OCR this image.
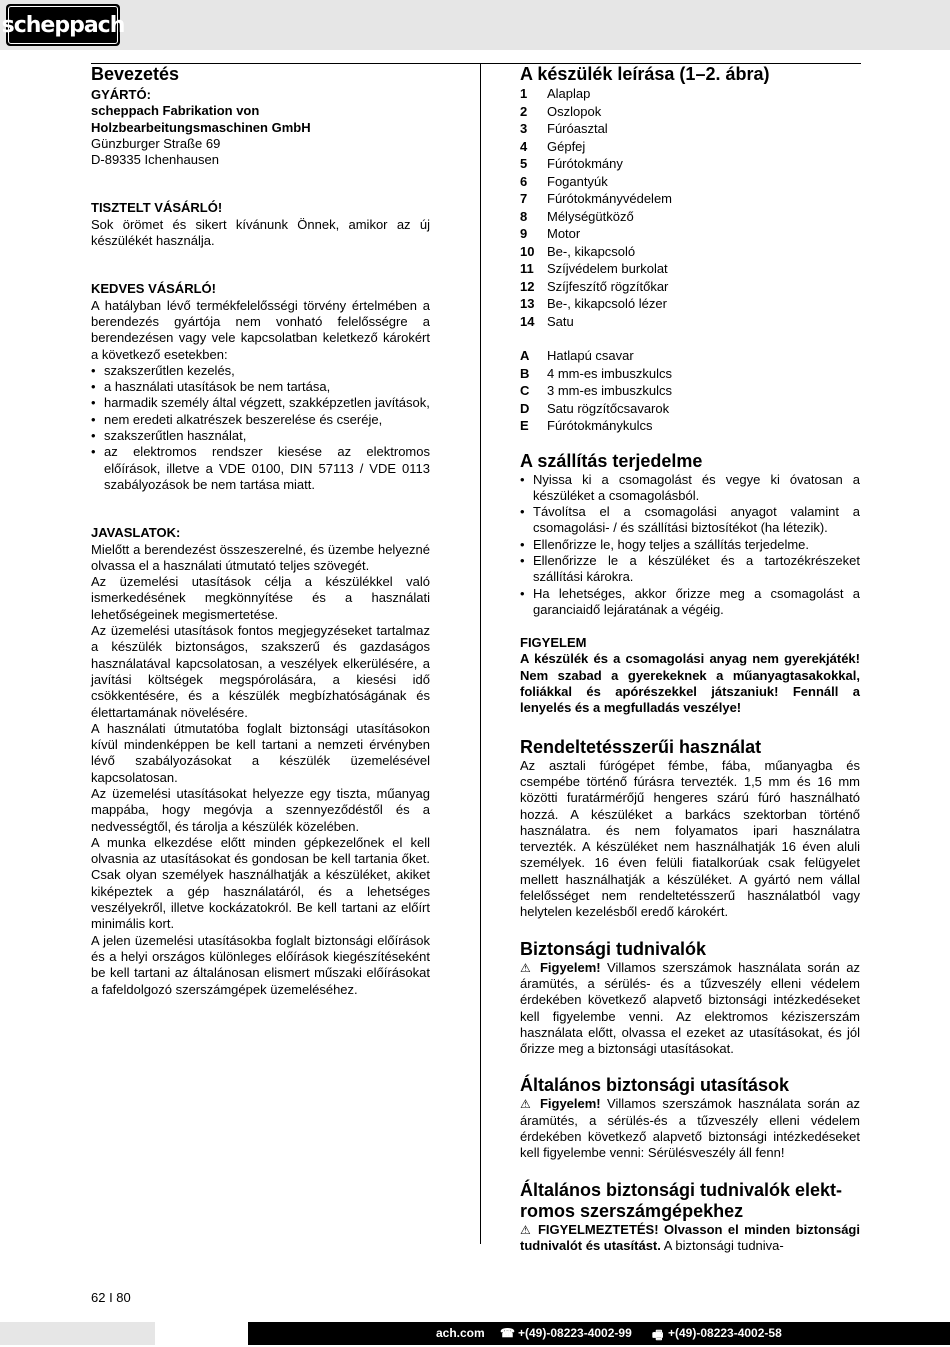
scheppach
Bevezetés
GYÁRTÓ:
scheppach Fabrikation von
Holzbearbeitungsmaschinen GmbH
Günzburger Straße 69
D-89335 Ichenhausen
TISZTELT VÁSÁRLÓ!

Sok örömet és sikert kívánunk Önnek, amikor az új készülékét használja.

KEDVES VÁSÁRLÓ!

A hatályban lévő termékfelelősségi törvény értelmében a berendezés gyártója nem vonható felelősségre a berendezésen vagy vele kapcsolatban keletkező károkért a következő esetekben:

• szakszerűtlen kezelés,
• a használati utasítások be nem tartása,
• harmadik személy által végzett, szakképzetlen javítások,
• nem eredeti alkatrészek beszerelése és cseréje,
• szakszerűtlen használat,
• az elektromos rendszer kiesése az elektromos előírások, illetve a VDE 0100, DIN 57113 / VDE 0113 szabályozások be nem tartása miatt.
JAVASLATOK:

Mielőtt a berendezést összeszerelné, és üzembe helyezné olvassa el a használati útmutató teljes szövegét.

Az üzemelési utasítások célja a készülékkel való ismerkedésének megkönnyítése és a használati lehetőségeinek megismertetése.

Az üzemelési utasítások fontos megjegyzéseket tartalmaz a készülék biztonságos, szakszerű és gazdaságos használatával kapcsolatosan, a veszélyek elkerülésére, a javítási költségek megspórolására, a kiesési idő csökkentésére, és a készülék megbízhatóságának és élettartamának növelésére.

A használati útmutatóba foglalt biztonsági utasításokon kívül mindenképpen be kell tartani a nemzeti érvényben lévő szabályozásokat a készülék üzemelésével kapcsolatosan.

Az üzemelési utasításokat helyezze egy tiszta, műanyag mappába, hogy megóvja a szennyeződéstől és a nedvességtől, és tárolja a készülék közelében.

A munka elkezdése előtt minden gépkezelőnek el kell olvasnia az utasításokat és gondosan be kell tartania őket. Csak olyan személyek használhatják a készüléket, akiket kiképeztek a gép használatáról, és a lehetséges veszélyekről, illetve kockázatokról. Be kell tartani az előírt minimális kort.

A jelen üzemelési utasításokba foglalt biztonsági előírások és a helyi országos különleges előírások kiegészítéseként be kell tartani az általánosan elismert műszaki előírásokat a fafeldolgozó szerszámgépek üzemeléséhez.

A készülék leírása (1–2. ábra)
1	Alaplap
2	Oszlopok
3	Fúróasztal
4	Gépfej
5	Fúrótokmány
6	Fogantyúk
7	Fúrótokmányvédelem
8	Mélységütköző
9	Motor
10 Be-, kikapcsoló
11	Szíjvédelem burkolat
12 Szíjfeszítő rögzítőkar
13 Be-, kikapcsoló lézer
14 Satu
A	Hatlapú csavar
B	4 mm-es imbuszkulcs
C	3 mm-es imbuszkulcs
D	Satu rögzítőcsavarok
E	Fúrótokmánykulcs
A szállítás terjedelme
• Nyissa ki a csomagolást és vegye ki óvatosan a készüléket a csomagolásból.
• Távolítsa el a csomagolási anyagot valamint a csomagolási- / és szállítási biztosítékot (ha létezik).
• Ellenőrizze le, hogy teljes a szállítás terjedelme.
• Ellenőrizze le a készüléket és a tartozékrészeket szállítási károkra.
• Ha lehetséges, akkor őrizze meg a csomagolást a garanciaidő lejáratának a végéig.
FIGYELEM

A készülék és a csomagolási anyag nem gyerekjáték! Nem szabad a gyerekeknek a műanyagtasakokkal, foliákkal és apórészekkel játszaniuk! Fennáll a lenyelés és a megfulladás veszélye!

Rendeltetésszerűi használat

Az asztali fúrógépet fémbe, fába, műanyagba és csempébe történő fúrásra tervezték. 1,5 mm és 16 mm közötti furatármérőjű hengeres szárú fúró használható hozzá. A készüléket a barkács szektorban történő használatra. és nem folyamatos ipari használatra tervezték. A készüléket nem használhatják 16 éven aluli személyek. 16 éven felüli fiatalkorúak csak felügyelet mellett használhatják a készüléket. A gyártó nem vállal felelősséget nem rendeltetésszerű használatból vagy helytelen kezelésből eredő károkért.

Biztonsági tudnivalók

⚠ Figyelem! Villamos szerszámok használata során az áramütés, a sérülés- és a tűzveszély elleni védelem érdekében következő alapvető biztonsági intézkedéseket kell figyelembe venni. Az elektromos kéziszerszám használata előtt, olvassa el ezeket az utasításokat, és jól őrizze meg a biztonsági utasításokat.

Általános biztonsági utasítások

⚠ Figyelem! Villamos szerszámok használata során az áramütés, a sérülés-és a tűzveszély elleni védelem érdekében következő alapvető biztonsági intézkedéseket kell figyelembe venni: Sérülésveszély áll fenn!

Általános biztonsági tudnivalók elekt-
romos szerszámgépekhez

⚠ FIGYELMEZTETÉS! Olvasson el minden biztonsági tudnivalót és utasítást. A biztonsági tudniva-

62 I 80
ach.com ☎ +(49)-08223-4002-99 🖷 +(49)-08223-4002-58
